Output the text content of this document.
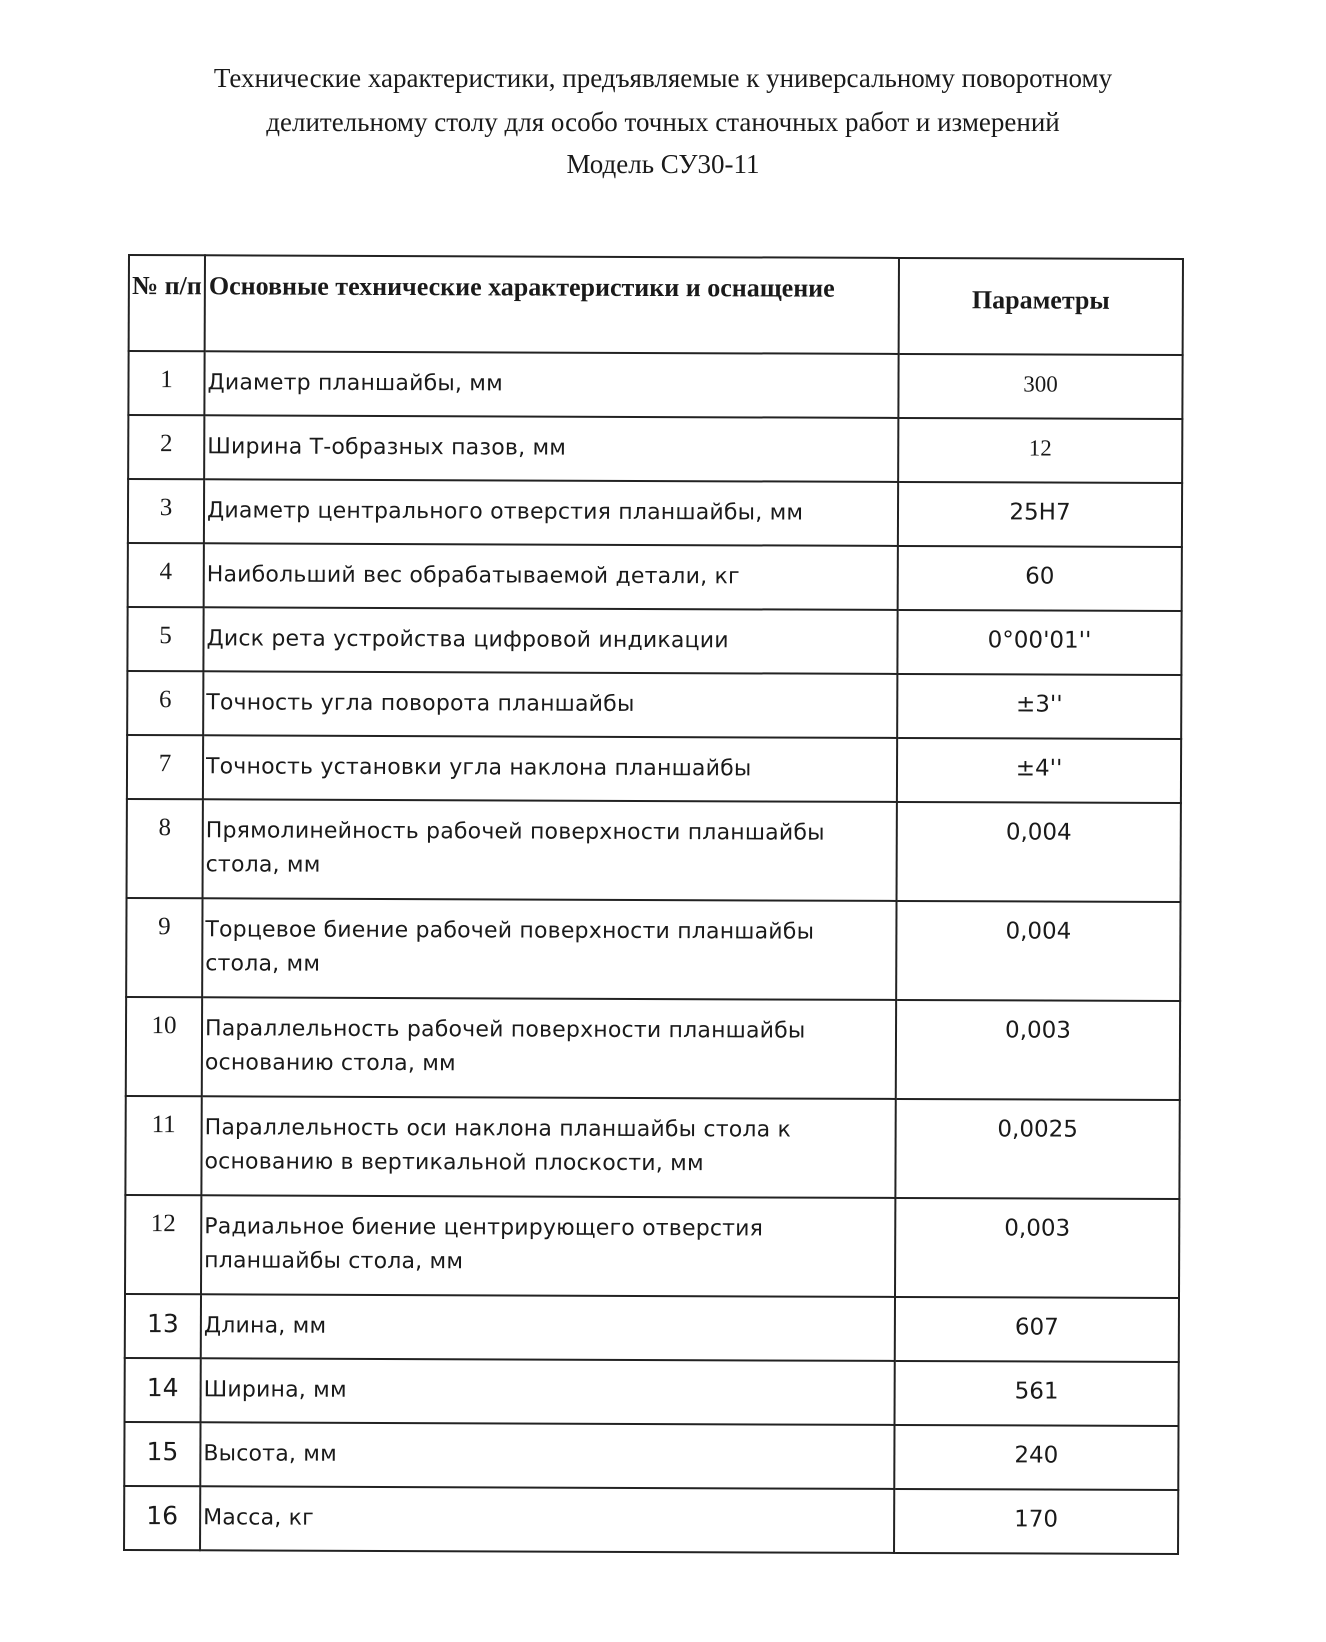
Технические характеристики, предъявляемые к универсальному поворотному
делительному столу для особо точных станочных работ и измерений
Модель СУ30-11
№ п/п	Основные технические характеристики и оснащение	Параметры
1	Диаметр планшайбы, мм	300
2	Ширина Т-образных пазов, мм	12
3	Диаметр центрального отверстия планшайбы, мм	25Н7
4	Наибольший вес обрабатываемой детали, кг	60
5	Диск рета устройства цифровой индикации	0°00'01''
6	Точность угла поворота планшайбы	±3''
7	Точность установки угла наклона планшайбы	±4''
8	Прямолинейность рабочей поверхности планшайбы стола, мм	0,004
9	Торцевое биение рабочей поверхности планшайбы стола, мм	0,004
10	Параллельность рабочей поверхности планшайбы основанию стола, мм	0,003
11	Параллельность оси наклона планшайбы стола к основанию в вертикальной плоскости, мм	0,0025
12	Радиальное биение центрирующего отверстия планшайбы стола, мм	0,003
13	Длина, мм	607
14	Ширина, мм	561
15	Высота, мм	240
16	Масса, кг	170
